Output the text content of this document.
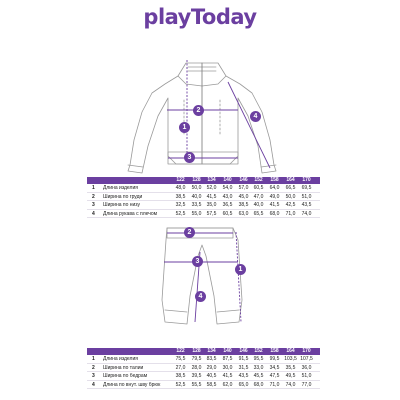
playToday
1
2
3
4
1
2
3
4
122	128	134	140	146	152	158	164	170
1	Длина изделия	48,0	50,0	52,0	54,0	57,0	60,5	64,0	66,5	69,5
2	Ширина по груди	38,5	40,0	41,5	43,0	45,0	47,0	49,0	50,0	51,0
3	Ширина по низу	32,5	33,5	35,0	36,5	38,5	40,0	41,5	42,5	43,5
4	Длина рукава с плечом	52,5	55,0	57,5	60,5	63,0	65,5	68,0	71,0	74,0
122	128	134	140	146	152	158	164	170
1	Длина изделия	75,5	79,5	83,5	87,5	91,5	95,5	99,5 103,5 107,5
2	Ширина по талии	27,0	28,0	29,0	30,0	31,5	33,0	34,5	35,5	36,0
3	Ширина по бедрам	38,5	39,5	40,5	41,5	43,5	45,5	47,5	49,5	51,0
4	Длина по внут. шву брюк	52,5	55,5	58,5	62,0	65,0	68,0	71,0	74,0	77,0
